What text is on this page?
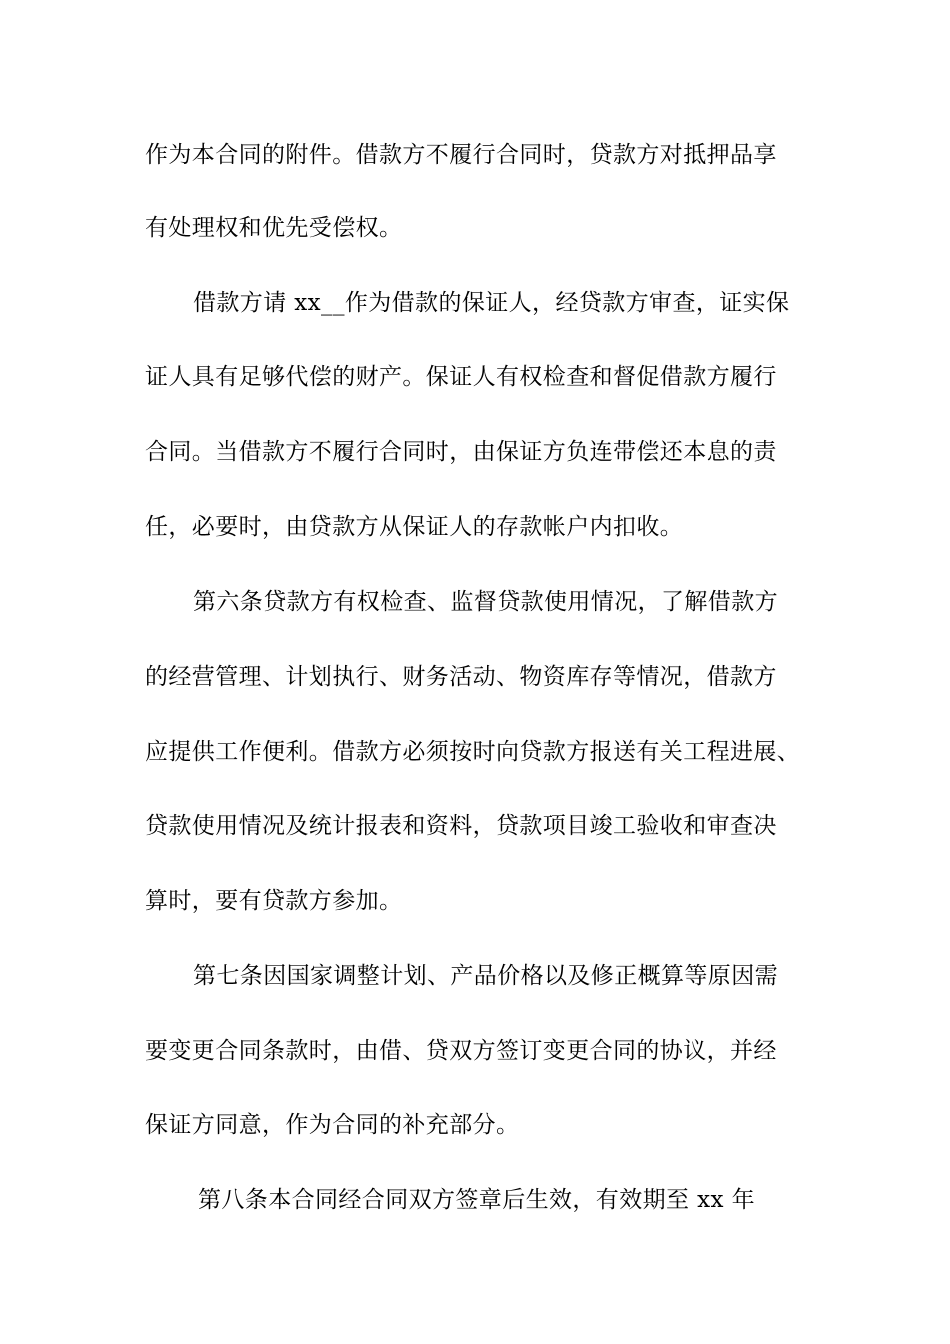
作为本合同的附件。借款方不履行合同时，贷款方对抵押品享
有处理权和优先受偿权。
借款方请 xx__作为借款的保证人，经贷款方审查，证实保
证人具有足够代偿的财产。保证人有权检查和督促借款方履行
合同。当借款方不履行合同时，由保证方负连带偿还本息的责
任，必要时，由贷款方从保证人的存款帐户内扣收。
第六条贷款方有权检查、监督贷款使用情况，了解借款方
的经营管理、计划执行、财务活动、物资库存等情况，借款方
应提供工作便利。借款方必须按时向贷款方报送有关工程进展、
贷款使用情况及统计报表和资料，贷款项目竣工验收和审查决
算时，要有贷款方参加。
第七条因国家调整计划、产品价格以及修正概算等原因需
要变更合同条款时，由借、贷双方签订变更合同的协议，并经
保证方同意，作为合同的补充部分。
第八条本合同经合同双方签章后生效，有效期至 xx 年
